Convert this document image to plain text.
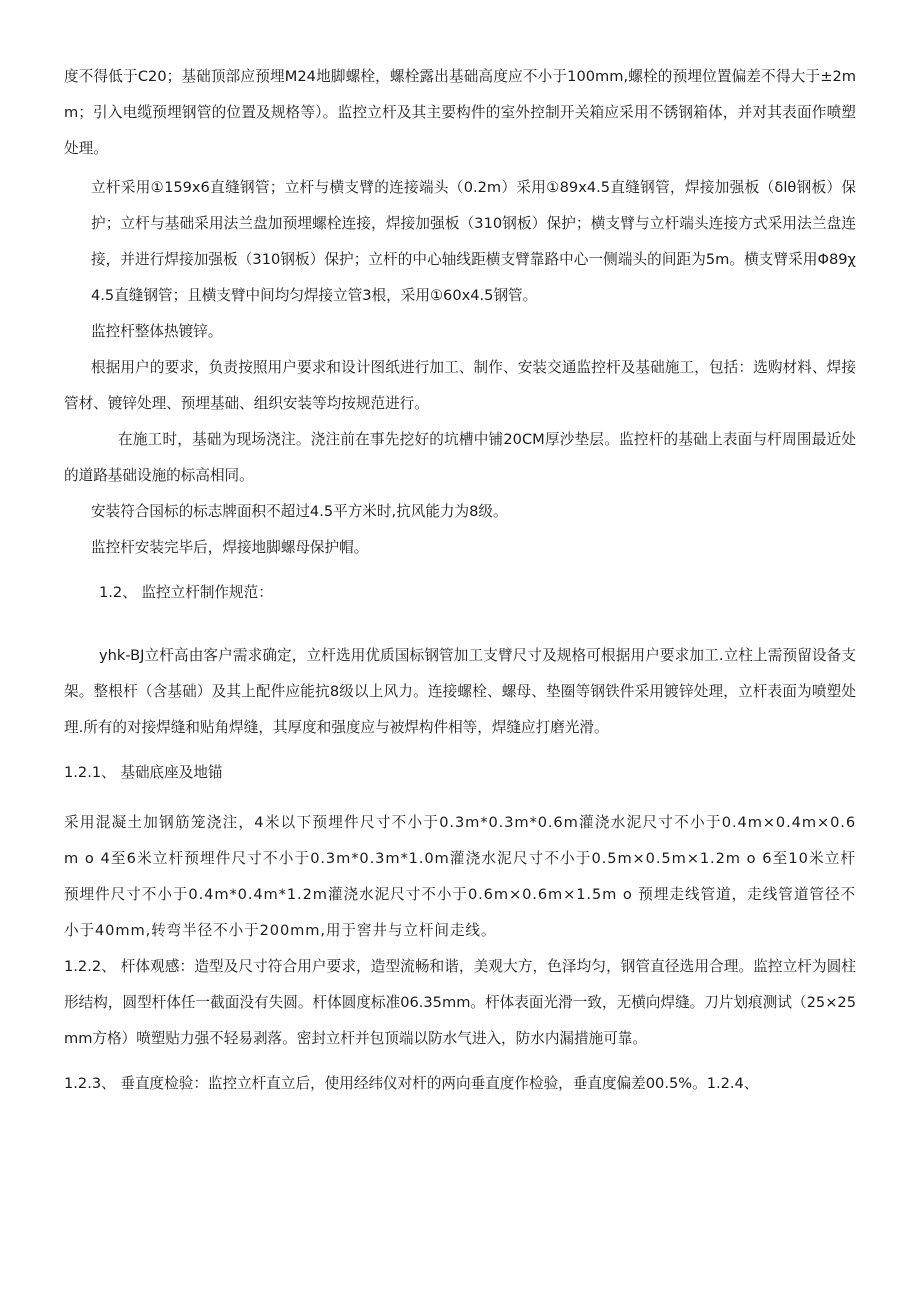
度不得低于C20；基础顶部应预埋M24地脚螺栓，螺栓露出基础高度应不小于100mm,螺栓的预埋位置偏差不得大于±2mm；引入电缆预埋钢管的位置及规格等）。监控立杆及其主要构件的室外控制开关箱应采用不锈钢箱体，并对其表面作喷塑处理。

立杆采用①159x6直缝钢管；立杆与横支臂的连接端头（0.2m）采用①89x4.5直缝钢管，焊接加强板（δlθ钢板）保护；立杆与基础采用法兰盘加预埋螺栓连接，焊接加强板（310钢板）保护；横支臂与立杆端头连接方式采用法兰盘连接，并进行焊接加强板（310钢板）保护；立杆的中心轴线距横支臂靠路中心一侧端头的间距为5m。横支臂采用Φ89χ4.5直缝钢管；且横支臂中间均匀焊接立管3根，采用①60x4.5钢管。

监控杆整体热镀锌。

根据用户的要求，负责按照用户要求和设计图纸进行加工、制作、安装交通监控杆及基础施工，包括：选购材料、焊接管材、镀锌处理、预埋基础、组织安装等均按规范进行。

在施工时，基础为现场浇注。浇注前在事先挖好的坑槽中铺20CM厚沙垫层。监控杆的基础上表面与杆周围最近处的道路基础设施的标高相同。

安装符合国标的标志牌面积不超过4.5平方米时,抗风能力为8级。

监控杆安装完毕后，焊接地脚螺母保护帽。

1.2、 监控立杆制作规范：

yhk-BJ立杆高由客户需求确定，立杆选用优质国标钢管加工支臂尺寸及规格可根据用户要求加工.立柱上需预留设备支架。整根杆（含基础）及其上配件应能抗8级以上风力。连接螺栓、螺母、垫圈等钢铁件采用镀锌处理，立杆表面为喷塑处理.所有的对接焊缝和贴角焊缝，其厚度和强度应与被焊构件相等，焊缝应打磨光滑。

1.2.1、 基础底座及地锚

采用混凝土加钢筋笼浇注，4米以下预埋件尺寸不小于0.3m*0.3m*0.6m灌浇水泥尺寸不小于0.4m×0.4m×0.6m o 4至6米立杆预埋件尺寸不小于0.3m*0.3m*1.0m灌浇水泥尺寸不小于0.5m×0.5m×1.2m o 6至10米立杆预埋件尺寸不小于0.4m*0.4m*1.2m灌浇水泥尺寸不小于0.6m×0.6m×1.5m o 预埋走线管道，走线管道管径不小于40mm,转弯半径不小于200mm,用于窖井与立杆间走线。

1.2.2、 杆体观感：造型及尺寸符合用户要求，造型流畅和谐，美观大方，色泽均匀，钢管直径选用合理。监控立杆为圆柱形结构，圆型杆体任一截面没有失圆。杆体圆度标准06.35mm。杆体表面光滑一致，无横向焊缝。刀片划痕测试（25×25mm方格）喷塑贴力强不轻易剥落。密封立杆并包顶端以防水气进入，防水内漏措施可靠。

1.2.3、 垂直度检验：监控立杆直立后，使用经纬仪对杆的两向垂直度作检验，垂直度偏差00.5%。1.2.4、
